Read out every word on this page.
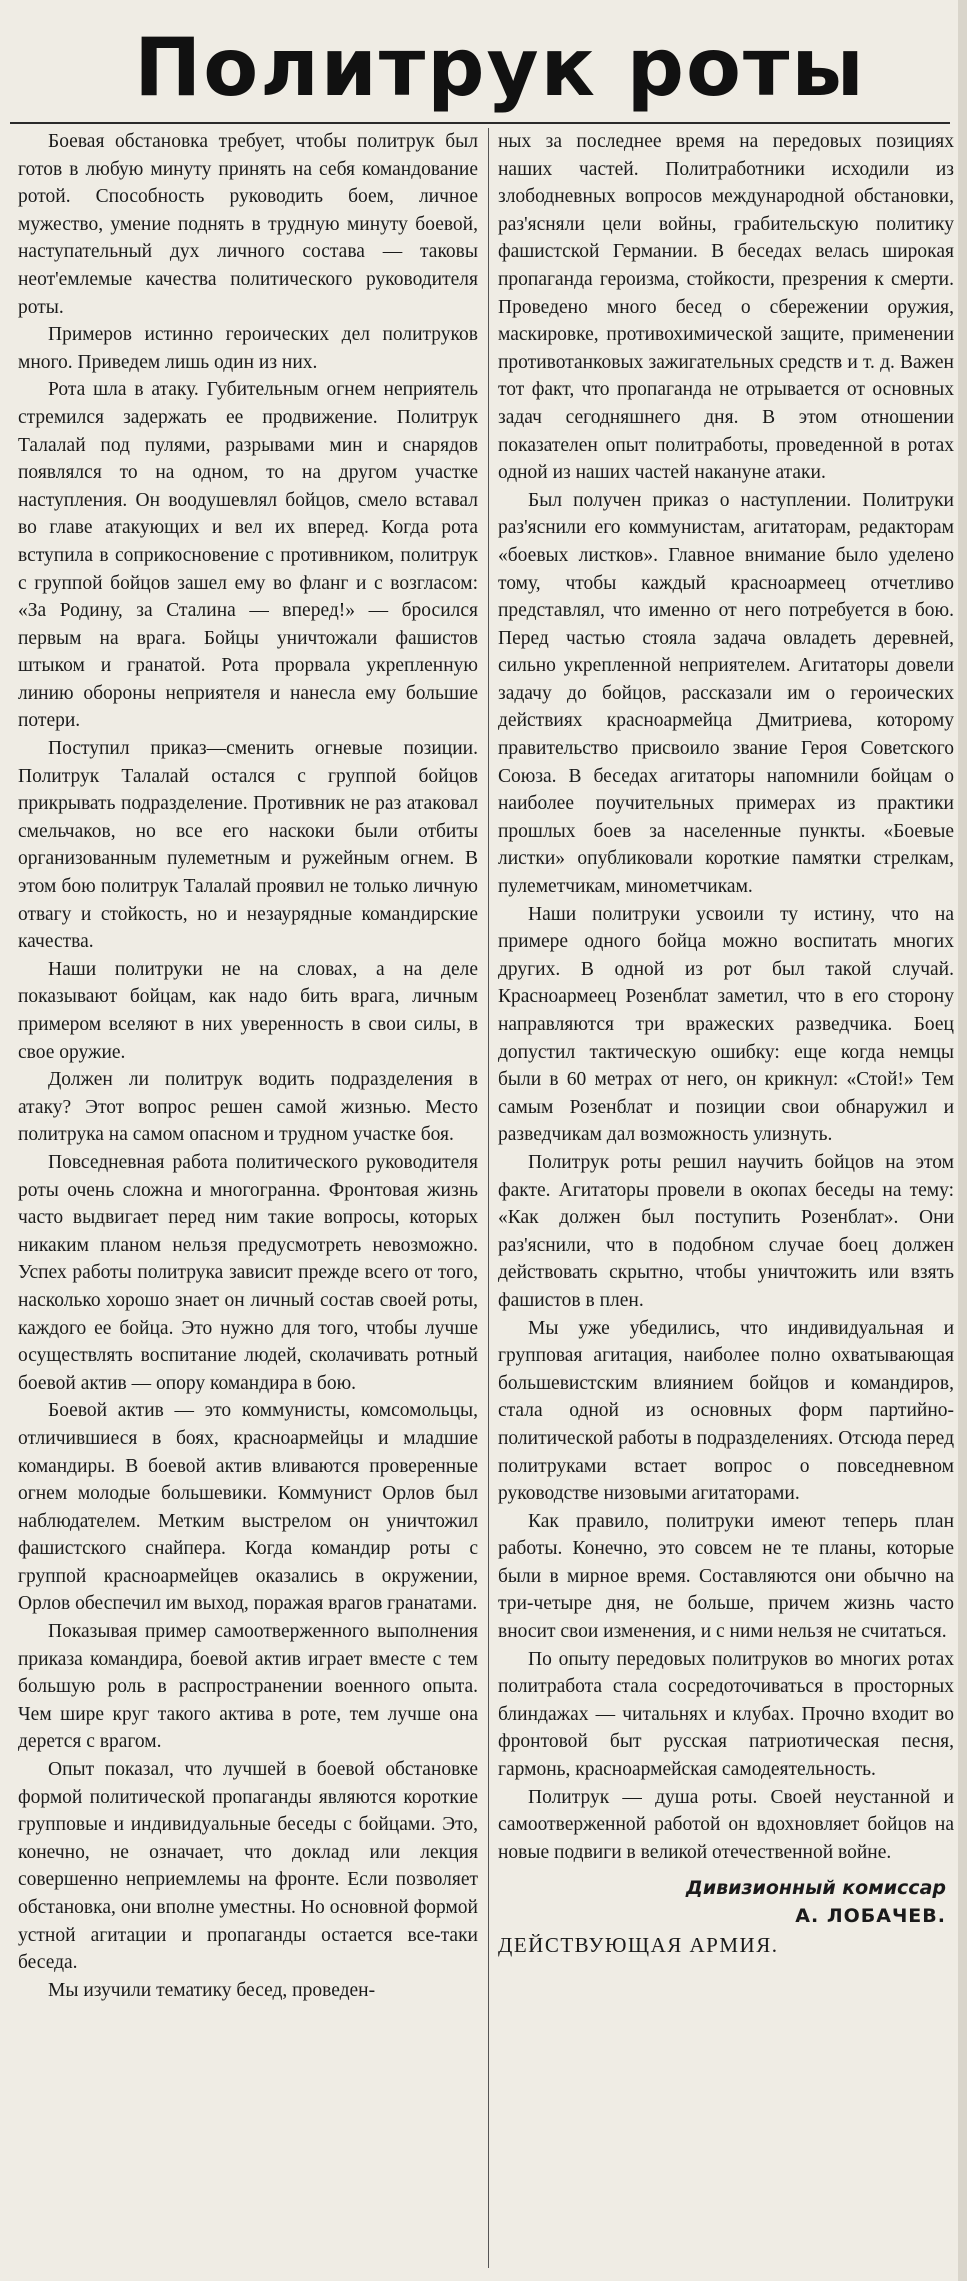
Политрук роты

Боевая обстановка требует, чтобы политрук был готов в любую минуту принять на себя командование ротой. Способность руководить боем, личное мужество, умение поднять в трудную минуту боевой, наступательный дух личного состава — таковы неот'емлемые качества политического руководителя роты.

Примеров истинно героических дел политруков много. Приведем лишь один из них.

Рота шла в атаку. Губительным огнем неприятель стремился задержать ее продвижение. Политрук Талалай под пулями, разрывами мин и снарядов появлялся то на одном, то на другом участке наступления. Он воодушевлял бойцов, смело вставал во главе атакующих и вел их вперед. Когда рота вступила в соприкосновение с противником, политрук с группой бойцов зашел ему во фланг и с возгласом: «За Родину, за Сталина — вперед!» — бросился первым на врага. Бойцы уничтожали фашистов штыком и гранатой. Рота прорвала укрепленную линию обороны неприятеля и нанесла ему большие потери.

Поступил приказ—сменить огневые позиции. Политрук Талалай остался с группой бойцов прикрывать подразделение. Противник не раз атаковал смельчаков, но все его наскоки были отбиты организованным пулеметным и ружейным огнем. В этом бою политрук Талалай проявил не только личную отвагу и стойкость, но и незаурядные командирские качества.

Наши политруки не на словах, а на деле показывают бойцам, как надо бить врага, личным примером вселяют в них уверенность в свои силы, в свое оружие.

Должен ли политрук водить подразделения в атаку? Этот вопрос решен самой жизнью. Место политрука на самом опасном и трудном участке боя.

Повседневная работа политического руководителя роты очень сложна и многогранна. Фронтовая жизнь часто выдвигает перед ним такие вопросы, которых никаким планом нельзя предусмотреть невозможно. Успех работы политрука зависит прежде всего от того, насколько хорошо знает он личный состав своей роты, каждого ее бойца. Это нужно для того, чтобы лучше осуществлять воспитание людей, сколачивать ротный боевой актив — опору командира в бою.

Боевой актив — это коммунисты, комсомольцы, отличившиеся в боях, красноармейцы и младшие командиры. В боевой актив вливаются проверенные огнем молодые большевики. Коммунист Орлов был наблюдателем. Метким выстрелом он уничтожил фашистского снайпера. Когда командир роты с группой красноармейцев оказались в окружении, Орлов обеспечил им выход, поражая врагов гранатами.

Показывая пример самоотверженного выполнения приказа командира, боевой актив играет вместе с тем большую роль в распространении военного опыта. Чем шире круг такого актива в роте, тем лучше она дерется с врагом.

Опыт показал, что лучшей в боевой обстановке формой политической пропаганды являются короткие групповые и индивидуальные беседы с бойцами. Это, конечно, не означает, что доклад или лекция совершенно неприемлемы на фронте. Если позволяет обстановка, они вполне уместны. Но основной формой устной агитации и пропаганды остается все-таки беседа.

Мы изучили тематику бесед, проведен-

ных за последнее время на передовых позициях наших частей. Политработники исходили из злободневных вопросов международной обстановки, раз'ясняли цели войны, грабительскую политику фашистской Германии. В беседах велась широкая пропаганда героизма, стойкости, презрения к смерти. Проведено много бесед о сбережении оружия, маскировке, противохимической защите, применении противотанковых зажигательных средств и т. д. Важен тот факт, что пропаганда не отрывается от основных задач сегодняшнего дня. В этом отношении показателен опыт политработы, проведенной в ротах одной из наших частей накануне атаки.

Был получен приказ о наступлении. Политруки раз'яснили его коммунистам, агитаторам, редакторам «боевых листков». Главное внимание было уделено тому, чтобы каждый красноармеец отчетливо представлял, что именно от него потребуется в бою. Перед частью стояла задача овладеть деревней, сильно укрепленной неприятелем. Агитаторы довели задачу до бойцов, рассказали им о героических действиях красноармейца Дмитриева, которому правительство присвоило звание Героя Советского Союза. В беседах агитаторы напомнили бойцам о наиболее поучительных примерах из практики прошлых боев за населенные пункты. «Боевые листки» опубликовали короткие памятки стрелкам, пулеметчикам, минометчикам.

Наши политруки усвоили ту истину, что на примере одного бойца можно воспитать многих других. В одной из рот был такой случай. Красноармеец Розенблат заметил, что в его сторону направляются три вражеских разведчика. Боец допустил тактическую ошибку: еще когда немцы были в 60 метрах от него, он крикнул: «Стой!» Тем самым Розенблат и позиции свои обнаружил и разведчикам дал возможность улизнуть.

Политрук роты решил научить бойцов на этом факте. Агитаторы провели в окопах беседы на тему: «Как должен был поступить Розенблат». Они раз'яснили, что в подобном случае боец должен действовать скрытно, чтобы уничтожить или взять фашистов в плен.

Мы уже убедились, что индивидуальная и групповая агитация, наиболее полно охватывающая большевистским влиянием бойцов и командиров, стала одной из основных форм партийно-политической работы в подразделениях. Отсюда перед политруками встает вопрос о повседневном руководстве низовыми агитаторами.

Как правило, политруки имеют теперь план работы. Конечно, это совсем не те планы, которые были в мирное время. Составляются они обычно на три-четыре дня, не больше, причем жизнь часто вносит свои изменения, и с ними нельзя не считаться.

По опыту передовых политруков во многих ротах политработа стала сосредоточиваться в просторных блиндажах — читальнях и клубах. Прочно входит во фронтовой быт русская патриотическая песня, гармонь, красноармейская самодеятельность.

Политрук — душа роты. Своей неустанной и самоотверженной работой он вдохновляет бойцов на новые подвиги в великой отечественной войне.

Дивизионный комиссар
А. ЛОБАЧЕВ.
ДЕЙСТВУЮЩАЯ АРМИЯ.
